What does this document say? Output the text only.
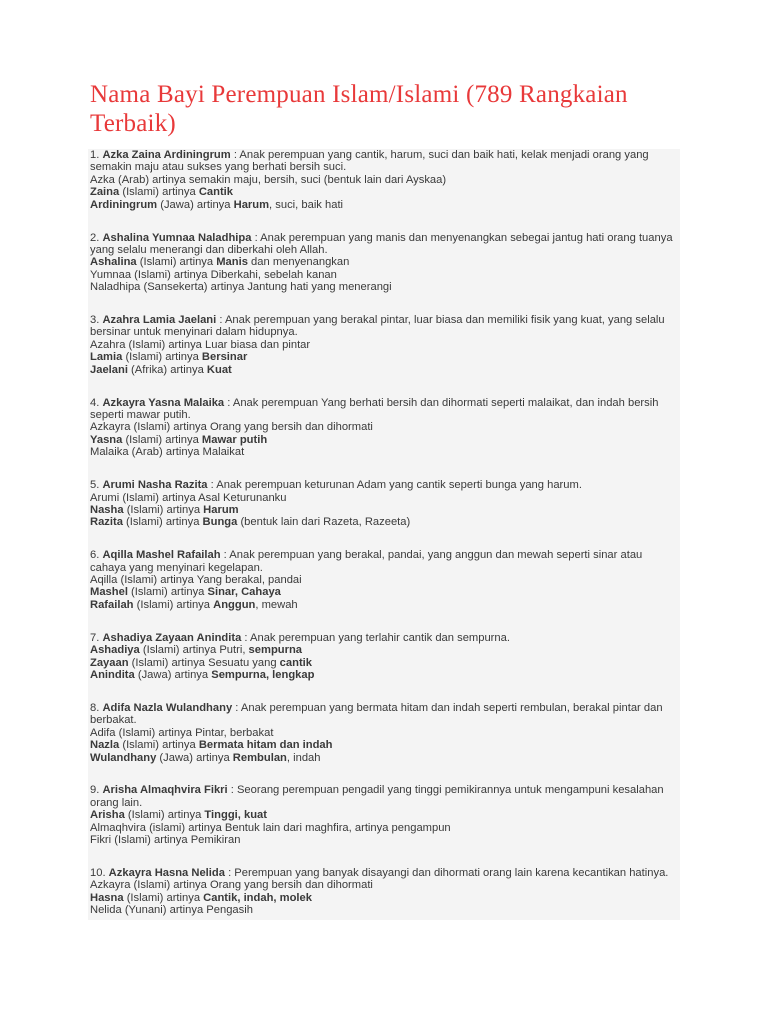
Nama Bayi Perempuan Islam/Islami (789 Rangkaian Terbaik)
1. Azka Zaina Ardiningrum : Anak perempuan yang cantik, harum, suci dan baik hati, kelak menjadi orang yang semakin maju atau sukses yang berhati bersih suci.
Azka (Arab) artinya semakin maju, bersih, suci (bentuk lain dari Ayskaa)
Zaina (Islami) artinya Cantik
Ardiningrum (Jawa) artinya Harum, suci, baik hati
2. Ashalina Yumnaa Naladhipa : Anak perempuan yang manis dan menyenangkan sebegai jantug hati orang tuanya yang selalu menerangi dan diberkahi oleh Allah.
Ashalina (Islami) artinya Manis dan menyenangkan
Yumnaa (Islami) artinya Diberkahi, sebelah kanan
Naladhipa (Sansekerta) artinya Jantung hati yang menerangi
3. Azahra Lamia Jaelani : Anak perempuan yang berakal pintar, luar biasa dan memiliki fisik yang kuat, yang selalu bersinar untuk menyinari dalam hidupnya.
Azahra (Islami) artinya Luar biasa dan pintar
Lamia (Islami) artinya Bersinar
Jaelani (Afrika) artinya Kuat
4. Azkayra Yasna Malaika : Anak perempuan Yang berhati bersih dan dihormati seperti malaikat, dan indah bersih seperti mawar putih.
Azkayra (Islami) artinya Orang yang bersih dan dihormati
Yasna (Islami) artinya Mawar putih
Malaika (Arab) artinya Malaikat
5. Arumi Nasha Razita : Anak perempuan keturunan Adam yang cantik seperti bunga yang harum.
Arumi (Islami) artinya Asal Keturunanku
Nasha (Islami) artinya Harum
Razita (Islami) artinya Bunga (bentuk lain dari Razeta, Razeeta)
6. Aqilla Mashel Rafailah : Anak perempuan yang berakal, pandai, yang anggun dan mewah seperti sinar atau cahaya yang menyinari kegelapan.
Aqilla (Islami) artinya Yang berakal, pandai
Mashel (Islami) artinya Sinar, Cahaya
Rafailah (Islami) artinya Anggun, mewah
7. Ashadiya Zayaan Anindita : Anak perempuan yang terlahir cantik dan sempurna.
Ashadiya (Islami) artinya Putri, sempurna
Zayaan (Islami) artinya Sesuatu yang cantik
Anindita (Jawa) artinya Sempurna, lengkap
8. Adifa Nazla Wulandhany : Anak perempuan yang bermata hitam dan indah seperti rembulan, berakal pintar dan berbakat.
Adifa (Islami) artinya Pintar, berbakat
Nazla (Islami) artinya Bermata hitam dan indah
Wulandhany (Jawa) artinya Rembulan, indah
9. Arisha Almaqhvira Fikri : Seorang perempuan pengadil yang tinggi pemikirannya untuk mengampuni kesalahan orang lain.
Arisha (Islami) artinya Tinggi, kuat
Almaqhvira (islami) artinya Bentuk lain dari maghfira, artinya pengampun
Fikri (Islami) artinya Pemikiran
10. Azkayra Hasna Nelida : Perempuan yang banyak disayangi dan dihormati orang lain karena kecantikan hatinya.
Azkayra (Islami) artinya Orang yang bersih dan dihormati
Hasna (Islami) artinya Cantik, indah, molek
Nelida (Yunani) artinya Pengasih
